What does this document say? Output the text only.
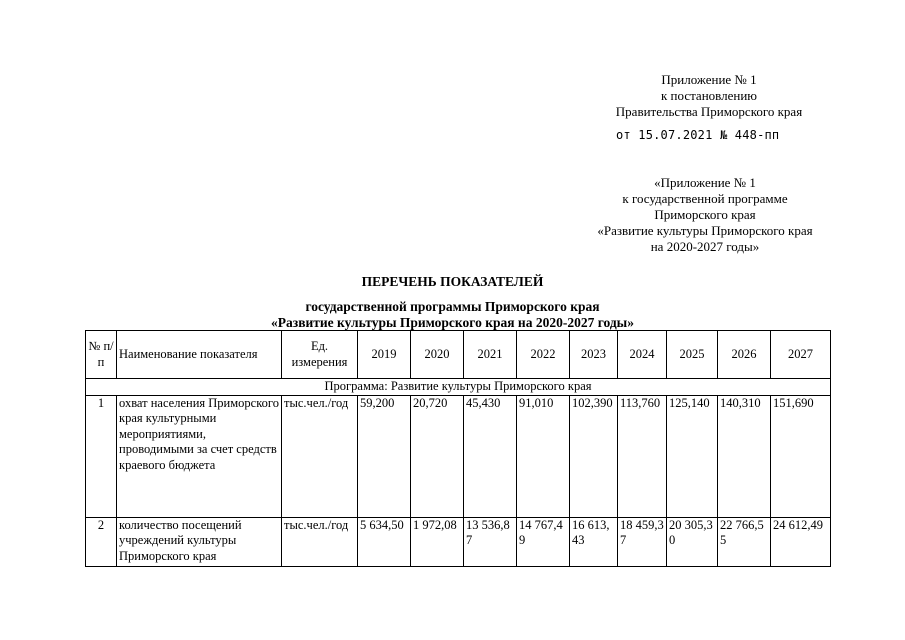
Приложение № 1
к постановлению
Правительства Приморского края
от 15.07.2021 № 448-пп
«Приложение № 1
к государственной программе
Приморского края
«Развитие культуры Приморского края
на 2020-2027 годы»
ПЕРЕЧЕНЬ ПОКАЗАТЕЛЕЙ
государственной программы Приморского края
«Развитие культуры Приморского края на 2020-2027 годы»
№ п/п	Наименование показателя	Ед. измерения	2019	2020	2021	2022	2023	2024	2025	2026	2027
Программа: Развитие культуры Приморского края											
1	охват населения Приморского края культурными мероприятиями, проводимыми за счет средств краевого бюджета	тыс.чел./год	59,200	20,720	45,430	91,010	102,390	113,760	125,140	140,310	151,690
2	количество посещений учреждений культуры Приморского края	тыс.чел./год	5 634,50	1 972,08	13 536,87	14 767,49	16 613,43	18 459,37	20 305,30	22 766,55	24 612,49
